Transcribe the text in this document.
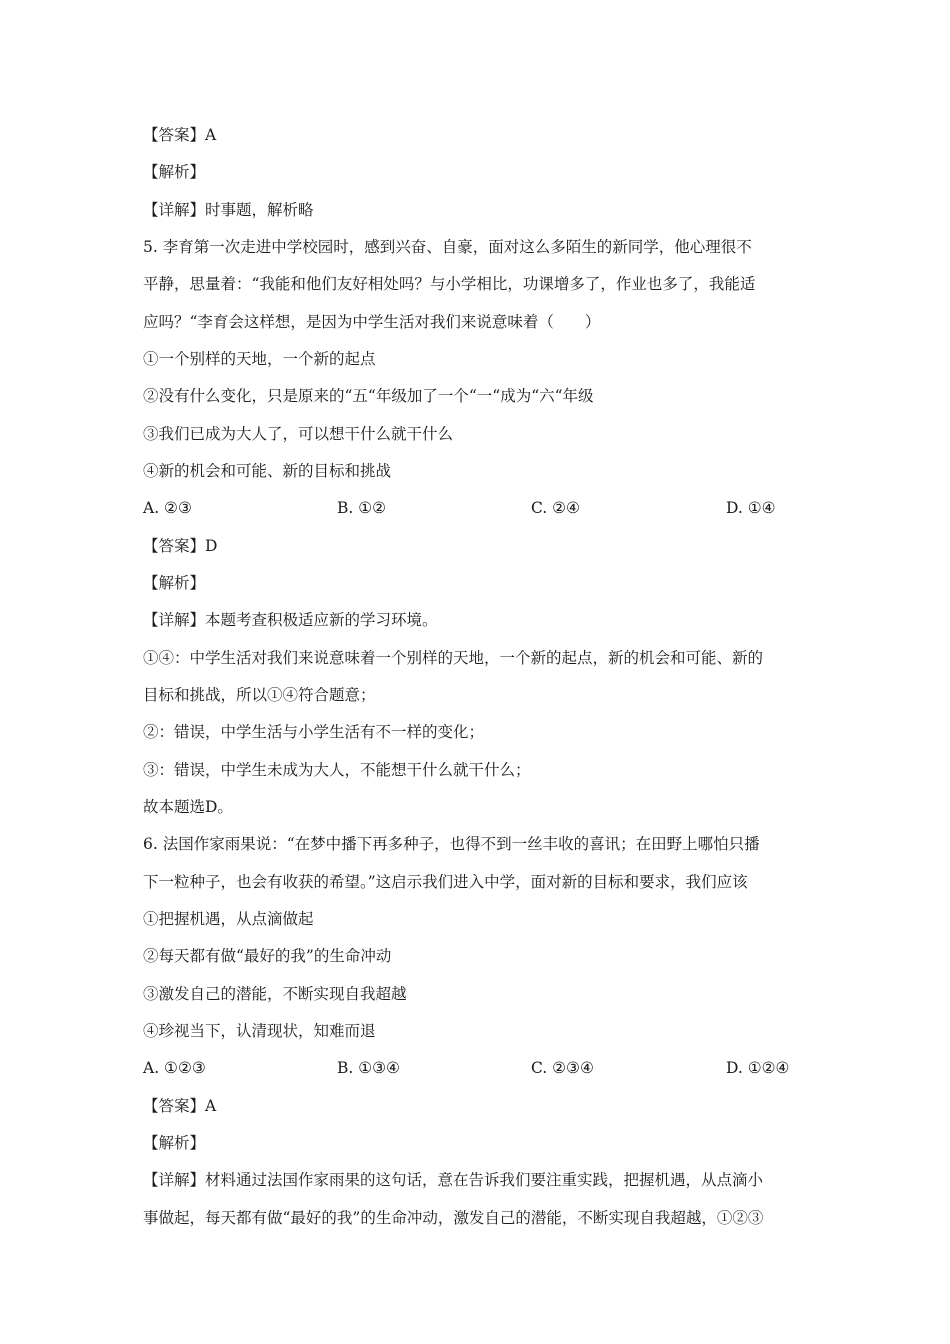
【答案】A
【解析】
【详解】时事题，解析略
5. 李育第一次走进中学校园时，感到兴奋、自豪，面对这么多陌生的新同学，他心理很不
平静，思量着：“我能和他们友好相处吗？与小学相比，功课增多了，作业也多了，我能适
应吗？“李育会这样想，是因为中学生活对我们来说意味着（　　）
①一个别样的天地，一个新的起点
②没有什么变化，只是原来的“五“年级加了一个“一“成为“六“年级
③我们已成为大人了，可以想干什么就干什么
④新的机会和可能、新的目标和挑战
A. ②③	B. ①②	C. ②④	D. ①④
【答案】D
【解析】
【详解】本题考查积极适应新的学习环境。
①④：中学生活对我们来说意味着一个别样的天地，一个新的起点，新的机会和可能、新的
目标和挑战，所以①④符合题意；
②：错误，中学生活与小学生活有不一样的变化；
③：错误，中学生未成为大人，不能想干什么就干什么；
故本题选D。
6. 法国作家雨果说：“在梦中播下再多种子，也得不到一丝丰收的喜讯；在田野上哪怕只播
下一粒种子，也会有收获的希望。”这启示我们进入中学，面对新的目标和要求，我们应该
①把握机遇，从点滴做起
②每天都有做“最好的我”的生命冲动
③激发自己的潜能，不断实现自我超越
④珍视当下，认清现状，知难而退
A. ①②③	B. ①③④	C. ②③④	D. ①②④
【答案】A
【解析】
【详解】材料通过法国作家雨果的这句话，意在告诉我们要注重实践，把握机遇，从点滴小
事做起，每天都有做“最好的我”的生命冲动，激发自己的潜能，不断实现自我超越，①②③
